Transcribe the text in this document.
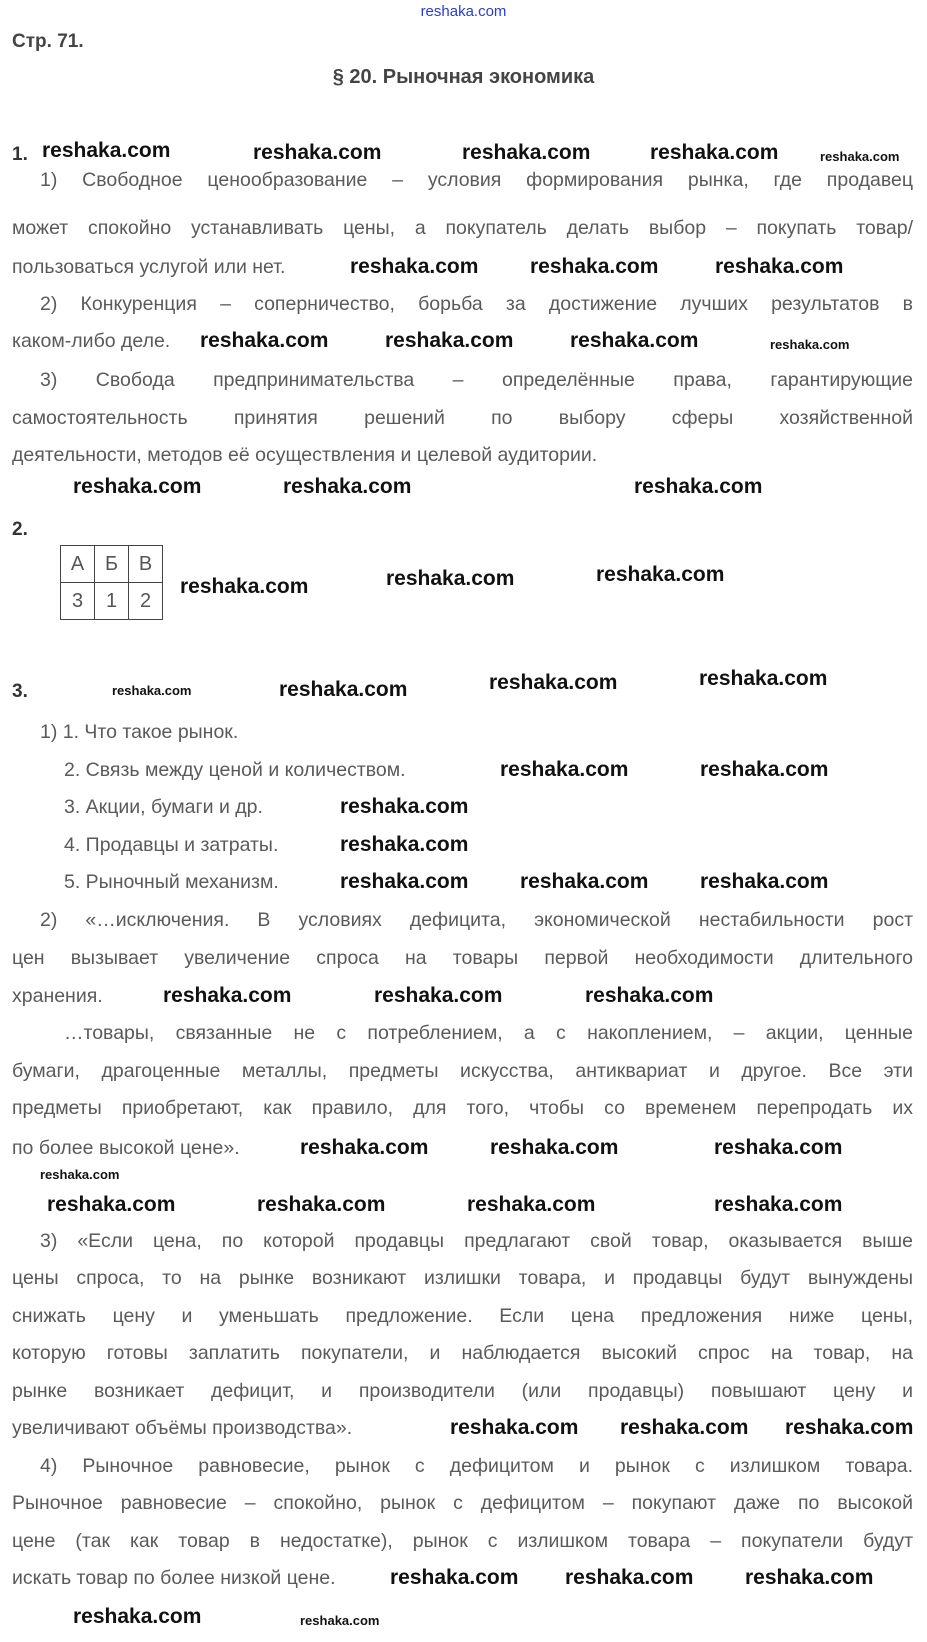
reshaka.com
Стр. 71.
§ 20. Рыночная экономика
1.
1) Свободное ценообразование – условия формирования рынка, где продавец
может спокойно устанавливать цены, а покупатель делать выбор – покупать товар/
пользоваться услугой или нет.
2) Конкуренция – соперничество, борьба за достижение лучших результатов в
каком-либо деле.
3) Свобода предпринимательства – определённые права, гарантирующие
самостоятельность принятия решений по выбору сферы хозяйственной
деятельности, методов её осуществления и целевой аудитории.
2.
А	Б	В
3	1	2
3.
1) 1. Что такое рынок.
2. Связь между ценой и количеством.
3. Акции, бумаги и др.
4. Продавцы и затраты.
5. Рыночный механизм.
2) «…исключения. В условиях дефицита, экономической нестабильности рост
цен вызывает увеличение спроса на товары первой необходимости длительного
хранения.
…товары, связанные не с потреблением, а с накоплением, – акции, ценные
бумаги, драгоценные металлы, предметы искусства, антиквариат и другое. Все эти
предметы приобретают, как правило, для того, чтобы со временем перепродать их
по более высокой цене».
3) «Если цена, по которой продавцы предлагают свой товар, оказывается выше
цены спроса, то на рынке возникают излишки товара, и продавцы будут вынуждены
снижать цену и уменьшать предложение. Если цена предложения ниже цены,
которую готовы заплатить покупатели, и наблюдается высокий спрос на товар, на
рынке возникает дефицит, и производители (или продавцы) повышают цену и
увеличивают объёмы производства».
4) Рыночное равновесие, рынок с дефицитом и рынок с излишком товара.
Рыночное равновесие – спокойно, рынок с дефицитом – покупают даже по высокой
цене (так как товар в недостатке), рынок с излишком товара – покупатели будут
искать товар по более низкой цене.
reshaka.com	reshaka.com	reshaka.com	reshaka.com	reshaka.com
reshaka.com reshaka.com	reshaka.com
reshaka.com	reshaka.com	reshaka.com	reshaka.com
reshaka.com	reshaka.com	reshaka.com
reshaka.com	reshaka.com	reshaka.com
reshaka.com	reshaka.com	reshaka.com	reshaka.com
reshaka.com	reshaka.com
reshaka.com
reshaka.com
reshaka.com reshaka.com reshaka.com
reshaka.com	reshaka.com	reshaka.com
reshaka.com	reshaka.com	reshaka.com
reshaka.com
reshaka.com	reshaka.com	reshaka.com	reshaka.com
reshaka.com reshaka.com reshaka.com
reshaka.com reshaka.com reshaka.com
reshaka.com	reshaka.com
